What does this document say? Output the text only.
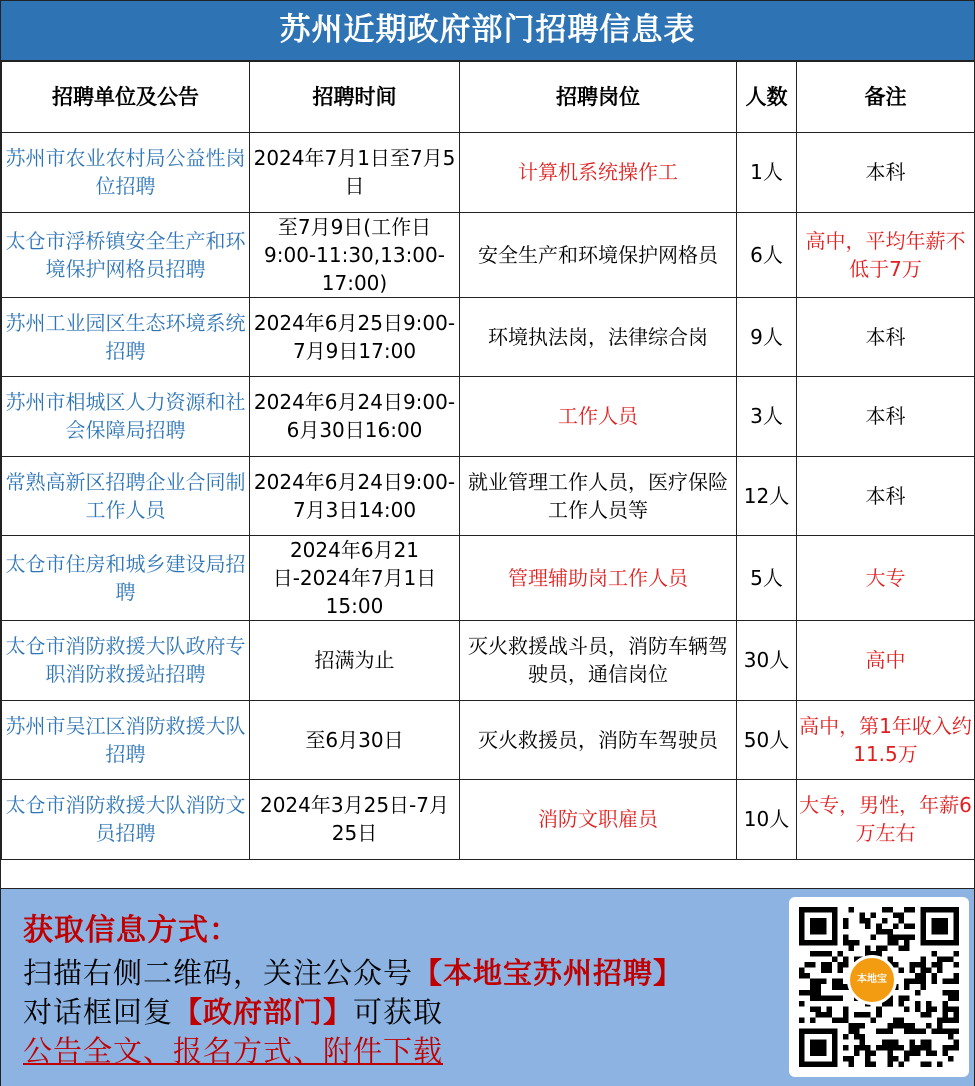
苏州近期政府部门招聘信息表
招聘单位及公告	招聘时间	招聘岗位	人数	备注
苏州市农业农村局公益性岗位招聘	2024年7月1日至7月5日	计算机系统操作工	1人	本科
太仓市浮桥镇安全生产和环境保护网格员招聘	至7月9日(工作日9:00-11:30,13:00-17:00)	安全生产和环境保护网格员	6人	高中，平均年薪不低于7万
苏州工业园区生态环境系统招聘	2024年6月25日9:00-7月9日17:00	环境执法岗，法律综合岗	9人	本科
苏州市相城区人力资源和社会保障局招聘	2024年6月24日9:00-6月30日16:00	工作人员	3人	本科
常熟高新区招聘企业合同制工作人员	2024年6月24日9:00-7月3日14:00	就业管理工作人员，医疗保险工作人员等	12人	本科
太仓市住房和城乡建设局招聘	2024年6月21日-2024年7月1日15:00	管理辅助岗工作人员	5人	大专
太仓市消防救援大队政府专职消防救援站招聘	招满为止	灭火救援战斗员，消防车辆驾驶员，通信岗位	30人	高中
苏州市吴江区消防救援大队招聘	至6月30日	灭火救援员，消防车驾驶员	50人	高中，第1年收入约11.5万
太仓市消防救援大队消防文员招聘	2024年3月25日-7月25日	消防文职雇员	10人	大专，男性，年薪6万左右
获取信息方式：
扫描右侧二维码，关注公众号【本地宝苏州招聘】
对话框回复【政府部门】可获取
公告全文、报名方式、附件下载
本地宝
